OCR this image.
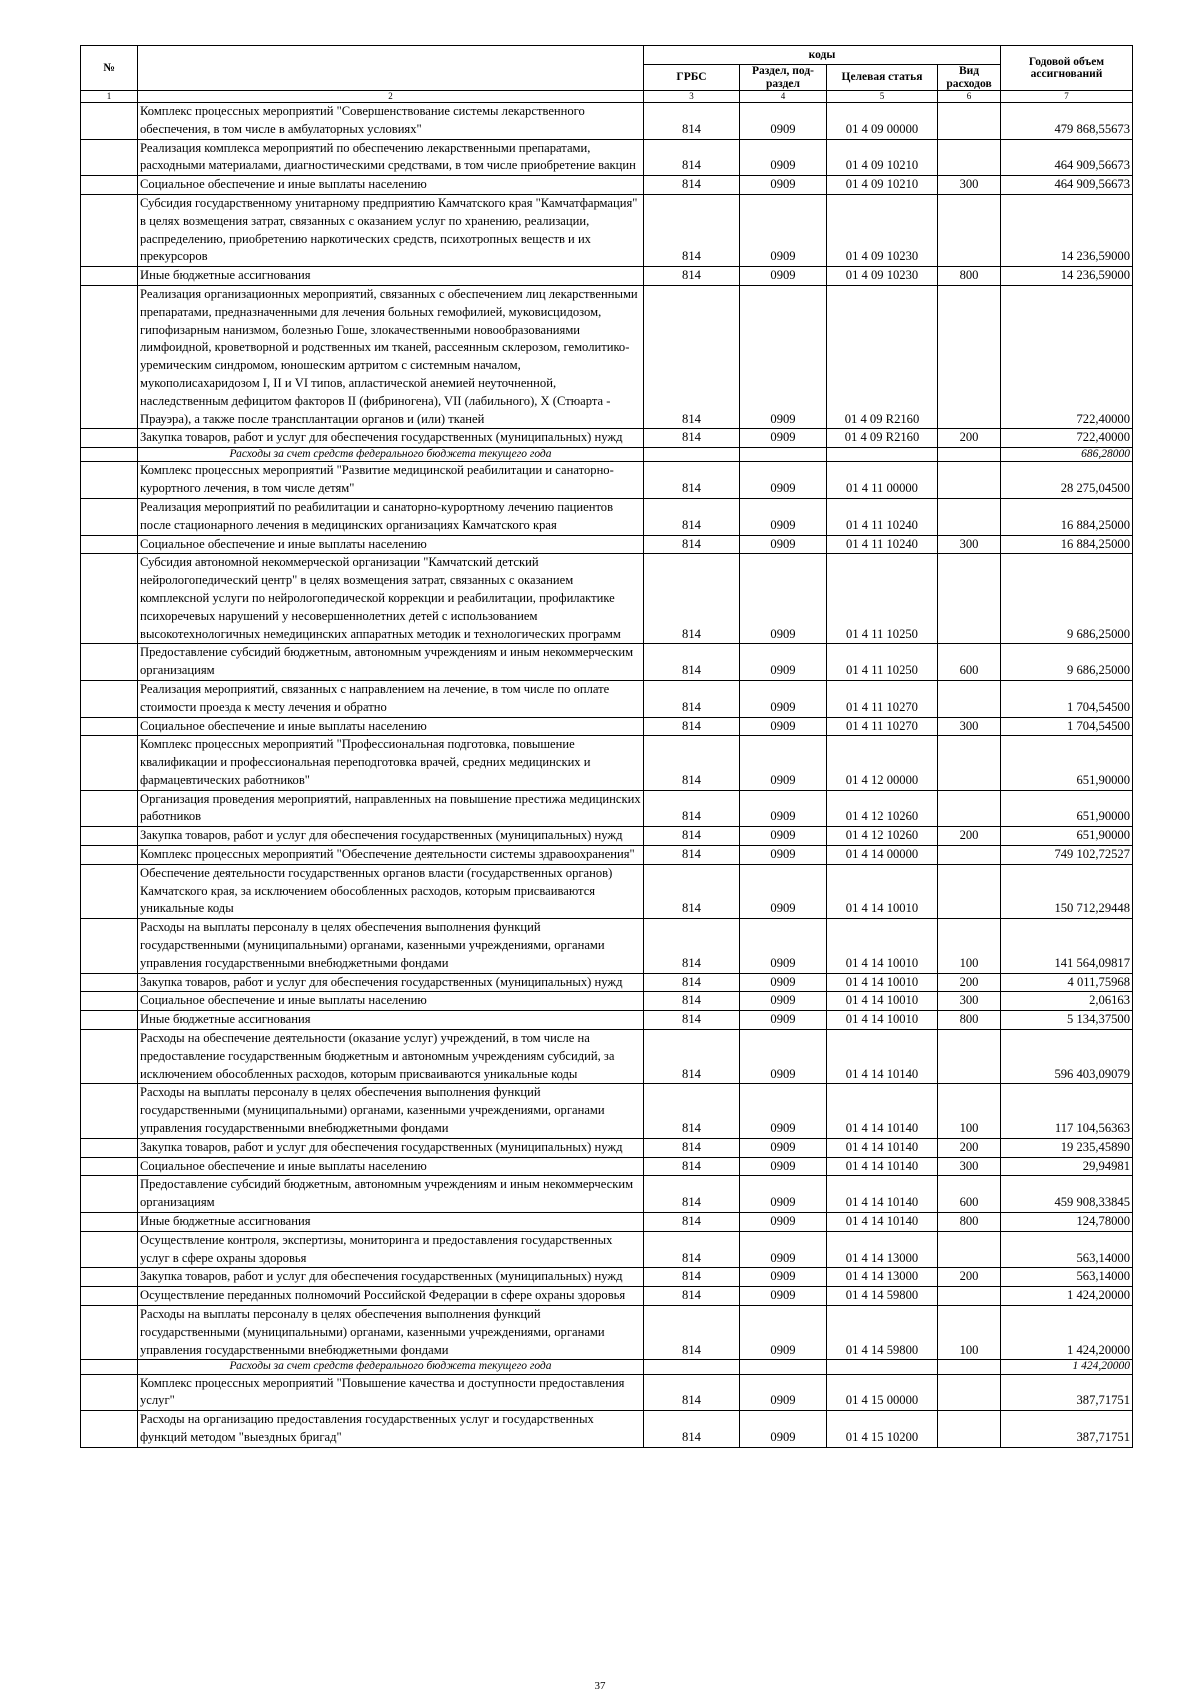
№		коды				Годовой объем ассигнований
		ГРБС	Раздел, под-раздел	Целевая статья	Вид расходов	
1	2	3	4	5	6	7
	Комплекс процессных мероприятий "Совершенствование системы лекарственного обеспечения, в том числе в амбулаторных условиях"	814	0909	01 4 09 00000		479 868,55673
	Реализация комплекса мероприятий по обеспечению лекарственными препаратами, расходными материалами, диагностическими средствами, в том числе приобретение вакцин	814	0909	01 4 09 10210		464 909,56673
	Социальное обеспечение и иные выплаты населению	814	0909	01 4 09 10210	300	464 909,56673
	Субсидия государственному унитарному предприятию Камчатского края "Камчатфармация" в целях возмещения затрат, связанных с оказанием услуг по хранению, реализации, распределению, приобретению наркотических средств, психотропных веществ и их прекурсоров	814	0909	01 4 09 10230		14 236,59000
	Иные бюджетные ассигнования	814	0909	01 4 09 10230	800	14 236,59000
	Реализация организационных мероприятий, связанных с обеспечением лиц лекарственными препаратами, предназначенными для лечения больных гемофилией, муковисцидозом, гипофизарным нанизмом, болезнью Гоше, злокачественными новообразованиями лимфоидной, кроветворной и родственных им тканей, рассеянным склерозом, гемолитико-уремическим синдромом, юношеским артритом с системным началом, мукополисахаридозом I, II и VI типов, апластической анемией неуточненной, наследственным дефицитом факторов II (фибриногена), VII (лабильного), X (Стюарта - Прауэра), а также после трансплантации органов и (или) тканей	814	0909	01 4 09 R2160		722,40000
	Закупка товаров, работ и услуг для обеспечения государственных (муниципальных) нужд	814	0909	01 4 09 R2160	200	722,40000
	Расходы за счет средств федерального бюджета текущего года					686,28000
	Комплекс процессных мероприятий "Развитие медицинской реабилитации и санаторно-курортного лечения, в том числе детям"	814	0909	01 4 11 00000		28 275,04500
	Реализация мероприятий по реабилитации и санаторно-курортному лечению пациентов после стационарного лечения в медицинских организациях Камчатского края	814	0909	01 4 11 10240		16 884,25000
	Социальное обеспечение и иные выплаты населению	814	0909	01 4 11 10240	300	16 884,25000
	Субсидия автономной некоммерческой организации "Камчатский детский нейрологопедический центр" в целях возмещения затрат, связанных с оказанием комплексной услуги по нейрологопедической коррекции и реабилитации, профилактике психоречевых нарушений у несовершеннолетних детей с использованием высокотехнологичных немедицинских аппаратных методик и технологических программ	814	0909	01 4 11 10250		9 686,25000
	Предоставление субсидий бюджетным, автономным учреждениям и иным некоммерческим организациям	814	0909	01 4 11 10250	600	9 686,25000
	Реализация мероприятий, связанных с направлением на лечение, в том числе по оплате стоимости проезда к месту лечения и обратно	814	0909	01 4 11 10270		1 704,54500
	Социальное обеспечение и иные выплаты населению	814	0909	01 4 11 10270	300	1 704,54500
	Комплекс процессных мероприятий "Профессиональная подготовка, повышение квалификации и профессиональная переподготовка врачей, средних медицинских и фармацевтических работников"	814	0909	01 4 12 00000		651,90000
	Организация проведения мероприятий, направленных на повышение престижа медицинских работников	814	0909	01 4 12 10260		651,90000
	Закупка товаров, работ и услуг для обеспечения государственных (муниципальных) нужд	814	0909	01 4 12 10260	200	651,90000
	Комплекс процессных мероприятий "Обеспечение деятельности системы здравоохранения"	814	0909	01 4 14 00000		749 102,72527
	Обеспечение деятельности государственных органов власти (государственных органов) Камчатского края, за исключением обособленных расходов, которым присваиваются уникальные коды	814	0909	01 4 14 10010		150 712,29448
	Расходы на выплаты персоналу в целях обеспечения выполнения функций государственными (муниципальными) органами, казенными учреждениями, органами управления государственными внебюджетными фондами	814	0909	01 4 14 10010	100	141 564,09817
	Закупка товаров, работ и услуг для обеспечения государственных (муниципальных) нужд	814	0909	01 4 14 10010	200	4 011,75968
	Социальное обеспечение и иные выплаты населению	814	0909	01 4 14 10010	300	2,06163
	Иные бюджетные ассигнования	814	0909	01 4 14 10010	800	5 134,37500
	Расходы на обеспечение деятельности (оказание услуг) учреждений, в том числе на предоставление государственным бюджетным и автономным учреждениям субсидий, за исключением обособленных расходов, которым присваиваются уникальные коды	814	0909	01 4 14 10140		596 403,09079
	Расходы на выплаты персоналу в целях обеспечения выполнения функций государственными (муниципальными) органами, казенными учреждениями, органами управления государственными внебюджетными фондами	814	0909	01 4 14 10140	100	117 104,56363
	Закупка товаров, работ и услуг для обеспечения государственных (муниципальных) нужд	814	0909	01 4 14 10140	200	19 235,45890
	Социальное обеспечение и иные выплаты населению	814	0909	01 4 14 10140	300	29,94981
	Предоставление субсидий бюджетным, автономным учреждениям и иным некоммерческим организациям	814	0909	01 4 14 10140	600	459 908,33845
	Иные бюджетные ассигнования	814	0909	01 4 14 10140	800	124,78000
	Осуществление контроля, экспертизы, мониторинга и предоставления государственных услуг в сфере охраны здоровья	814	0909	01 4 14 13000		563,14000
	Закупка товаров, работ и услуг для обеспечения государственных (муниципальных) нужд	814	0909	01 4 14 13000	200	563,14000
	Осуществление переданных полномочий Российской Федерации в сфере охраны здоровья	814	0909	01 4 14 59800		1 424,20000
	Расходы на выплаты персоналу в целях обеспечения выполнения функций государственными (муниципальными) органами, казенными учреждениями, органами управления государственными внебюджетными фондами	814	0909	01 4 14 59800	100	1 424,20000
	Расходы за счет средств федерального бюджета текущего года					1 424,20000
	Комплекс процессных мероприятий "Повышение качества и доступности предоставления услуг"	814	0909	01 4 15 00000		387,71751
	Расходы на организацию предоставления государственных услуг и государственных функций методом "выездных бригад"	814	0909	01 4 15 10200		387,71751
37
